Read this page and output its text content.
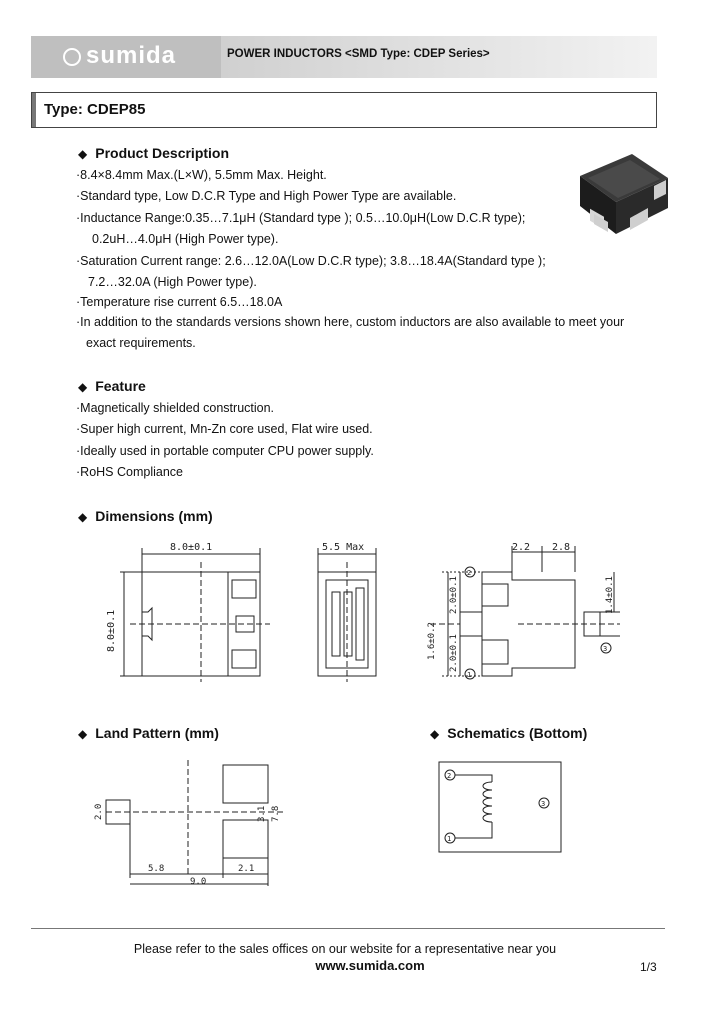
sumida	POWER INDUCTORS <SMD Type: CDEP Series>
Type: CDEP85
◆ Product Description
·8.4×8.4mm Max.(L×W), 5.5mm Max. Height.
·Standard type, Low D.C.R Type and High Power Type are available.
·Inductance Range:0.35…7.1μH (Standard type ); 0.5…10.0μH(Low D.C.R type);
0.2uH…4.0μH (High Power type).
·Saturation Current range: 2.6…12.0A(Low D.C.R type); 3.8…18.4A(Standard type );
7.2…32.0A (High Power type).
·Temperature rise current 6.5…18.0A
·In addition to the standards versions shown here, custom inductors are also available to meet your
exact requirements.
◆ Feature
·Magnetically shielded construction.
·Super high current, Mn-Zn core used, Flat wire used.
·Ideally used in portable computer CPU power supply.
·RoHS Compliance
◆ Dimensions (mm)
8.0±0.1
8.0±0.1
5.5 Max	2.2 2.8
1.6±0.2
2.0±0.1
2.0±0.1
1.4±0.1
2
1
3
◆ Land Pattern (mm)
5.8	2.1
9.0
2.0	3.1 7.8
◆ Schematics (Bottom)
2
1
3
Please refer to the sales offices on our website for a representative near you
www.sumida.com	1/3
